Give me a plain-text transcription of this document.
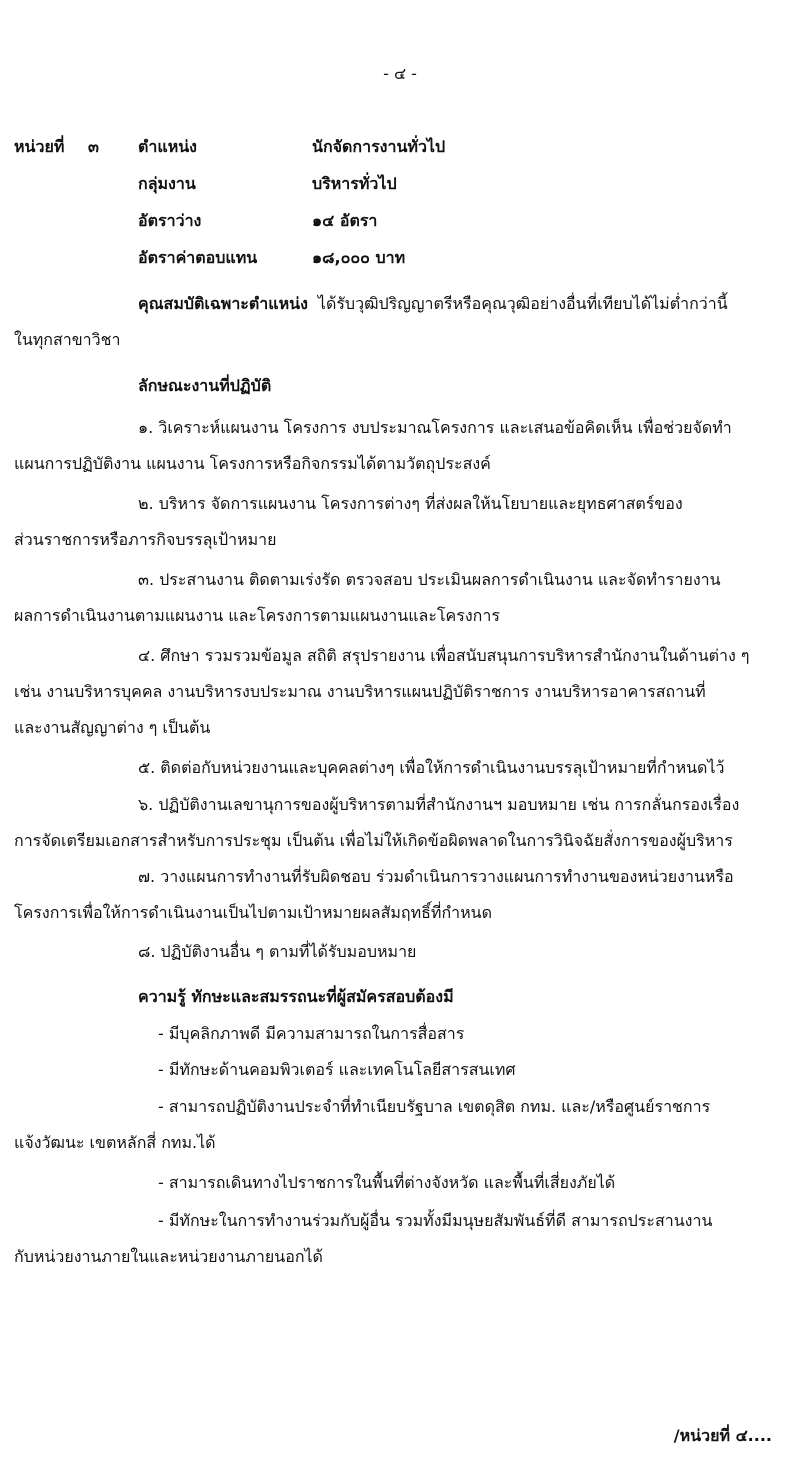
- ๔ -
หน่วยที่ ๓ ตำแหน่ง	นักจัดการงานทั่วไป
กลุ่มงาน	บริหารทั่วไป
อัตราว่าง	๑๔ อัตรา
อัตราค่าตอบแทน	๑๘,๐๐๐ บาท
คุณสมบัติเฉพาะตำแหน่ง ได้รับวุฒิปริญญาตรีหรือคุณวุฒิอย่างอื่นที่เทียบได้ไม่ต่ำกว่านี้
ในทุกสาขาวิชา
ลักษณะงานที่ปฏิบัติ
๑. วิเคราะห์แผนงาน โครงการ งบประมาณโครงการ และเสนอข้อคิดเห็น เพื่อช่วยจัดทำ
แผนการปฏิบัติงาน แผนงาน โครงการหรือกิจกรรมได้ตามวัตถุประสงค์
๒. บริหาร จัดการแผนงาน โครงการต่างๆ ที่ส่งผลให้นโยบายและยุทธศาสตร์ของ
ส่วนราชการหรือภารกิจบรรลุเป้าหมาย
๓. ประสานงาน ติดตามเร่งรัด ตรวจสอบ ประเมินผลการดำเนินงาน และจัดทำรายงาน
ผลการดำเนินงานตามแผนงาน และโครงการตามแผนงานและโครงการ
๔. ศึกษา รวมรวมข้อมูล สถิติ สรุปรายงาน เพื่อสนับสนุนการบริหารสำนักงานในด้านต่าง ๆ
เช่น งานบริหารบุคคล งานบริหารงบประมาณ งานบริหารแผนปฏิบัติราชการ งานบริหารอาคารสถานที่
และงานสัญญาต่าง ๆ เป็นต้น
๕. ติดต่อกับหน่วยงานและบุคคลต่างๆ เพื่อให้การดำเนินงานบรรลุเป้าหมายที่กำหนดไว้
๖. ปฏิบัติงานเลขานุการของผู้บริหารตามที่สำนักงานฯ มอบหมาย เช่น การกลั่นกรองเรื่อง
การจัดเตรียมเอกสารสำหรับการประชุม เป็นต้น เพื่อไม่ให้เกิดข้อผิดพลาดในการวินิจฉัยสั่งการของผู้บริหาร
๗. วางแผนการทำงานที่รับผิดชอบ ร่วมดำเนินการวางแผนการทำงานของหน่วยงานหรือ
โครงการเพื่อให้การดำเนินงานเป็นไปตามเป้าหมายผลสัมฤทธิ์ที่กำหนด
๘. ปฏิบัติงานอื่น ๆ ตามที่ได้รับมอบหมาย
ความรู้ ทักษะและสมรรถนะที่ผู้สมัครสอบต้องมี
- มีบุคลิกภาพดี มีความสามารถในการสื่อสาร
- มีทักษะด้านคอมพิวเตอร์ และเทคโนโลยีสารสนเทศ
- สามารถปฏิบัติงานประจำที่ทำเนียบรัฐบาล เขตดุสิต กทม. และ/หรือศูนย์ราชการ
แจ้งวัฒนะ เขตหลักสี่ กทม.ได้
- สามารถเดินทางไปราชการในพื้นที่ต่างจังหวัด และพื้นที่เสี่ยงภัยได้
- มีทักษะในการทำงานร่วมกับผู้อื่น รวมทั้งมีมนุษยสัมพันธ์ที่ดี สามารถประสานงาน
กับหน่วยงานภายในและหน่วยงานภายนอกได้
/หน่วยที่ ๔....
